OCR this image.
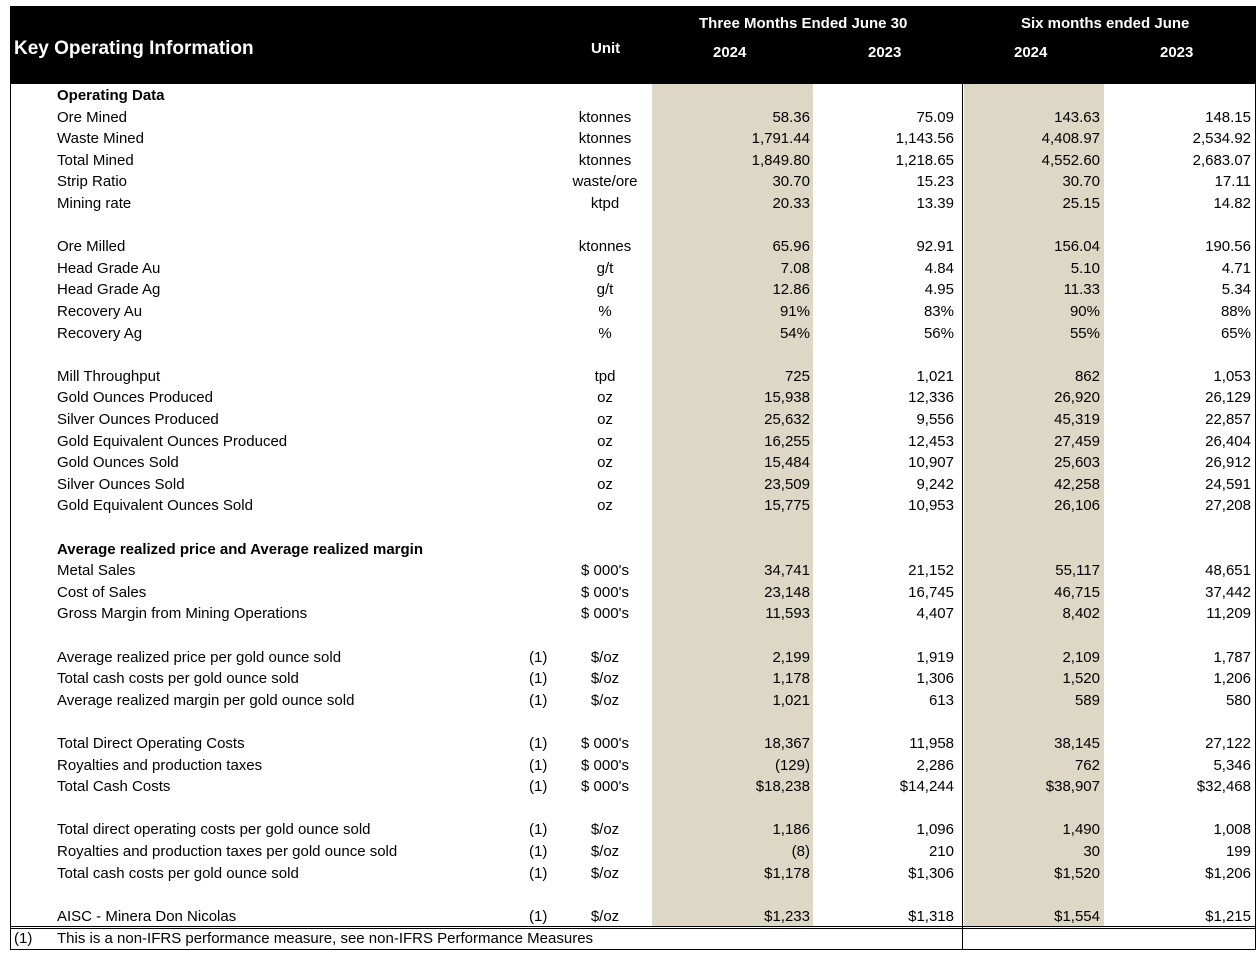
Key Operating Information	Unit
Three Months Ended June 30	Six months ended June
2024	2023	2024	2023
Operating Data
Ore Mined	ktonnes	58.36	75.09	143.63	148.15
Waste Mined	ktonnes	1,791.44	1,143.56	4,408.97	2,534.92
Total Mined	ktonnes	1,849.80	1,218.65	4,552.60	2,683.07
Strip Ratio	waste/ore	30.70	15.23	30.70	17.11
Mining rate	ktpd	20.33	13.39	25.15	14.82
Ore Milled	ktonnes	65.96	92.91	156.04	190.56
Head Grade Au	g/t	7.08	4.84	5.10	4.71
Head Grade Ag	g/t	12.86	4.95	11.33	5.34
Recovery Au	%	91%	83%	90%	88%
Recovery Ag	%	54%	56%	55%	65%
Mill Throughput	tpd	725	1,021	862	1,053
Gold Ounces Produced	oz	15,938	12,336	26,920	26,129
Silver Ounces Produced	oz	25,632	9,556	45,319	22,857
Gold Equivalent Ounces Produced	oz	16,255	12,453	27,459	26,404
Gold Ounces Sold	oz	15,484	10,907	25,603	26,912
Silver Ounces Sold	oz	23,509	9,242	42,258	24,591
Gold Equivalent Ounces Sold	oz	15,775	10,953	26,106	27,208
Average realized price and Average realized margin
Metal Sales	$ 000's	34,741	21,152	55,117	48,651
Cost of Sales	$ 000's	23,148	16,745	46,715	37,442
Gross Margin from Mining Operations	$ 000's	11,593	4,407	8,402	11,209
Average realized price per gold ounce sold	(1)	$/oz	2,199	1,919	2,109	1,787
Total cash costs per gold ounce sold	(1)	$/oz	1,178	1,306	1,520	1,206
Average realized margin per gold ounce sold	(1)	$/oz	1,021	613	589	580
Total Direct Operating Costs	(1)	$ 000's	18,367	11,958	38,145	27,122
Royalties and production taxes	(1)	$ 000's	(129)	2,286	762	5,346
Total Cash Costs	(1)	$ 000's	$18,238	$14,244	$38,907	$32,468
Total direct operating costs per gold ounce sold	(1)	$/oz	1,186	1,096	1,490	1,008
Royalties and production taxes per gold ounce sold	(1)	$/oz	(8)	210	30	199
Total cash costs per gold ounce sold	(1)	$/oz	$1,178	$1,306	$1,520	$1,206
AISC - Minera Don Nicolas	(1)	$/oz	$1,233	$1,318	$1,554	$1,215
(1) This is a non-IFRS performance measure, see non-IFRS Performance Measures
